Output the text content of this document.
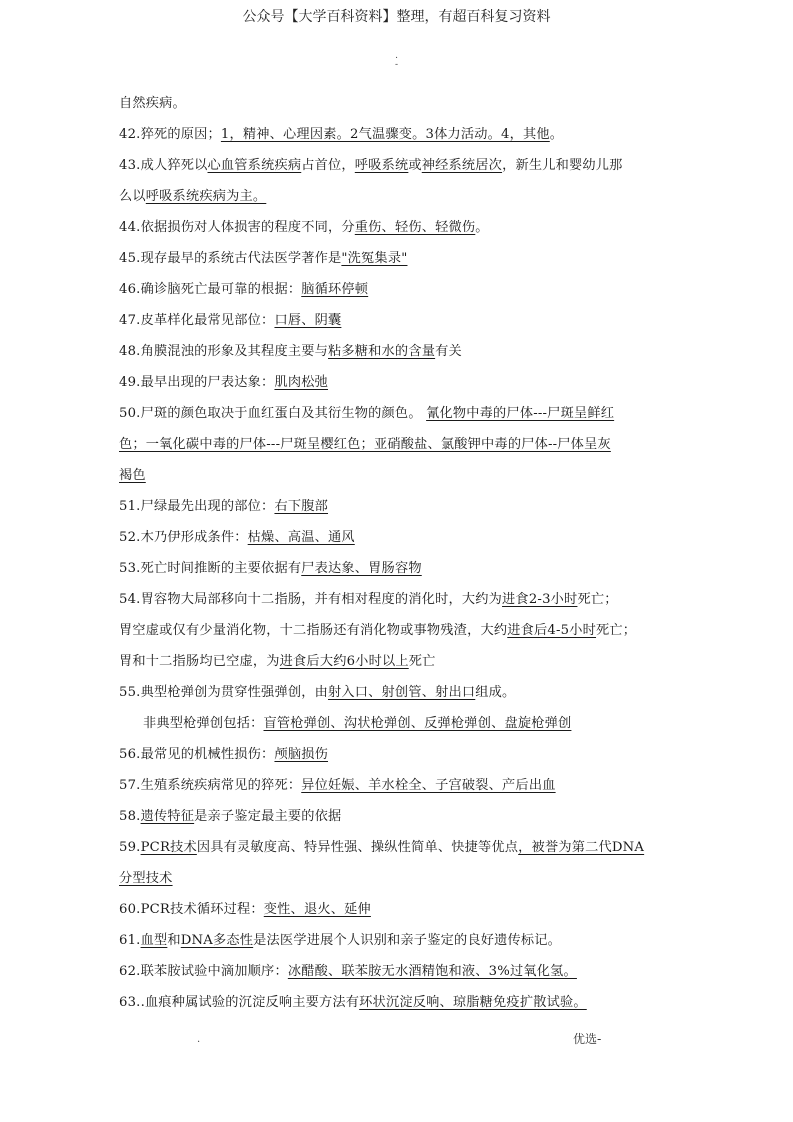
公众号【大学百科资料】整理，有超百科复习资料
.
-
自然疾病。
42.猝死的原因；1，精神、心理因素。2气温骤变。3体力活动。4，其他。
43.成人猝死以心血管系统疾病占首位，呼吸系统或神经系统居次，新生儿和婴幼儿那
么以呼吸系统疾病为主。
44.依据损伤对人体损害的程度不同，分重伤、轻伤、轻微伤。
45.现存最早的系统古代法医学著作是"洗冤集录"
46.确诊脑死亡最可靠的根据：脑循环停顿
47.皮革样化最常见部位：口唇、阴囊
48.角膜混浊的形象及其程度主要与粘多糖和水的含量有关
49.最早出现的尸表达象：肌肉松弛
50.尸斑的颜色取决于血红蛋白及其衍生物的颜色。 氰化物中毒的尸体---尸斑呈鲜红
色；一氧化碳中毒的尸体---尸斑呈樱红色；亚硝酸盐、氯酸钾中毒的尸体--尸体呈灰
褐色
51.尸绿最先出现的部位：右下腹部
52.木乃伊形成条件：枯燥、高温、通风
53.死亡时间推断的主要依据有尸表达象、胃肠容物
54.胃容物大局部移向十二指肠，并有相对程度的消化时，大约为进食2-3小时死亡；
胃空虚或仅有少量消化物，十二指肠还有消化物或事物残渣，大约进食后4-5小时死亡；
胃和十二指肠均已空虚，为进食后大约6小时以上死亡
55.典型枪弹创为贯穿性强弹创，由射入口、射创管、射出口组成。
非典型枪弹创包括：盲管枪弹创、沟状枪弹创、反弹枪弹创、盘旋枪弹创
56.最常见的机械性损伤：颅脑损伤
57.生殖系统疾病常见的猝死：异位妊娠、羊水栓全、子宫破裂、产后出血
58.遗传特征是亲子鉴定最主要的依据
59.PCR技术因具有灵敏度高、特异性强、操纵性简单、快捷等优点，被誉为第二代DNA
分型技术
60.PCR技术循环过程：变性、退火、延伸
61.血型和DNA多态性是法医学进展个人识别和亲子鉴定的良好遗传标记。
62.联苯胺试验中滴加顺序：冰醋酸、联苯胺无水酒精饱和液、3%过氧化氢。
63..血痕种属试验的沉淀反响主要方法有环状沉淀反响、琼脂糖免疫扩散试验。
.	优选-
